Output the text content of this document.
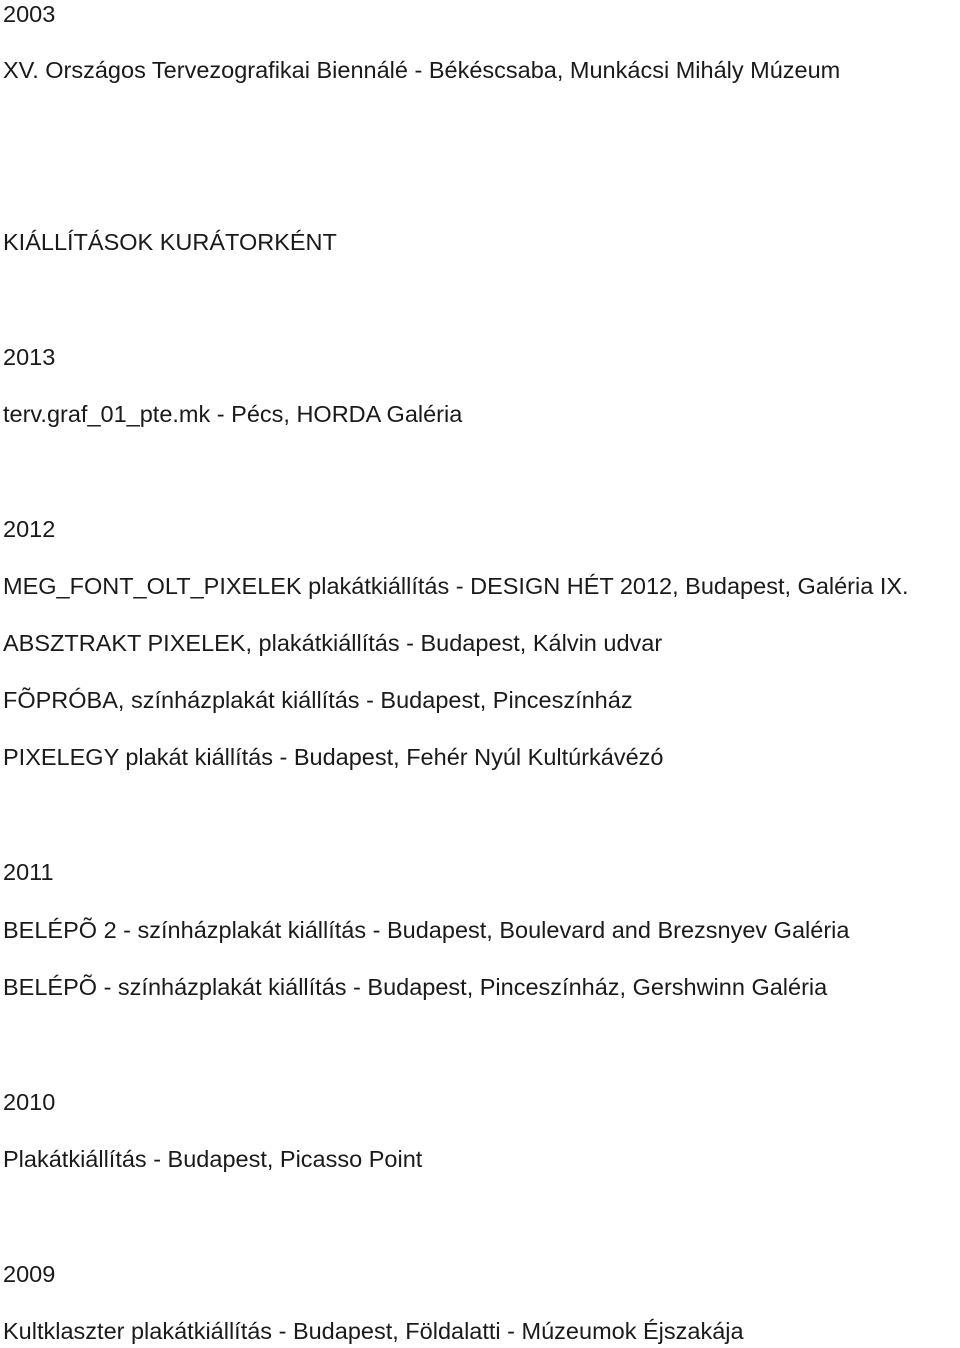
2003

XV. Országos Tervezografikai Biennálé - Békéscsaba, Munkácsi Mihály Múzeum

KIÁLLÍTÁSOK KURÁTORKÉNT

2013

terv.graf_01_pte.mk - Pécs, HORDA Galéria

2012

MEG_FONT_OLT_PIXELEK plakátkiállítás - DESIGN HÉT 2012, Budapest, Galéria IX.

ABSZTRAKT PIXELEK, plakátkiállítás - Budapest, Kálvin udvar

FÕPRÓBA, színházplakát kiállítás - Budapest, Pinceszínház

PIXELEGY plakát kiállítás - Budapest, Fehér Nyúl Kultúrkávézó

2011

BELÉPÕ 2 - színházplakát kiállítás - Budapest, Boulevard and Brezsnyev Galéria

BELÉPÕ - színházplakát kiállítás - Budapest, Pinceszínház, Gershwinn Galéria

2010

Plakátkiállítás - Budapest, Picasso Point

2009

Kultklaszter plakátkiállítás - Budapest, Földalatti - Múzeumok Éjszakája
